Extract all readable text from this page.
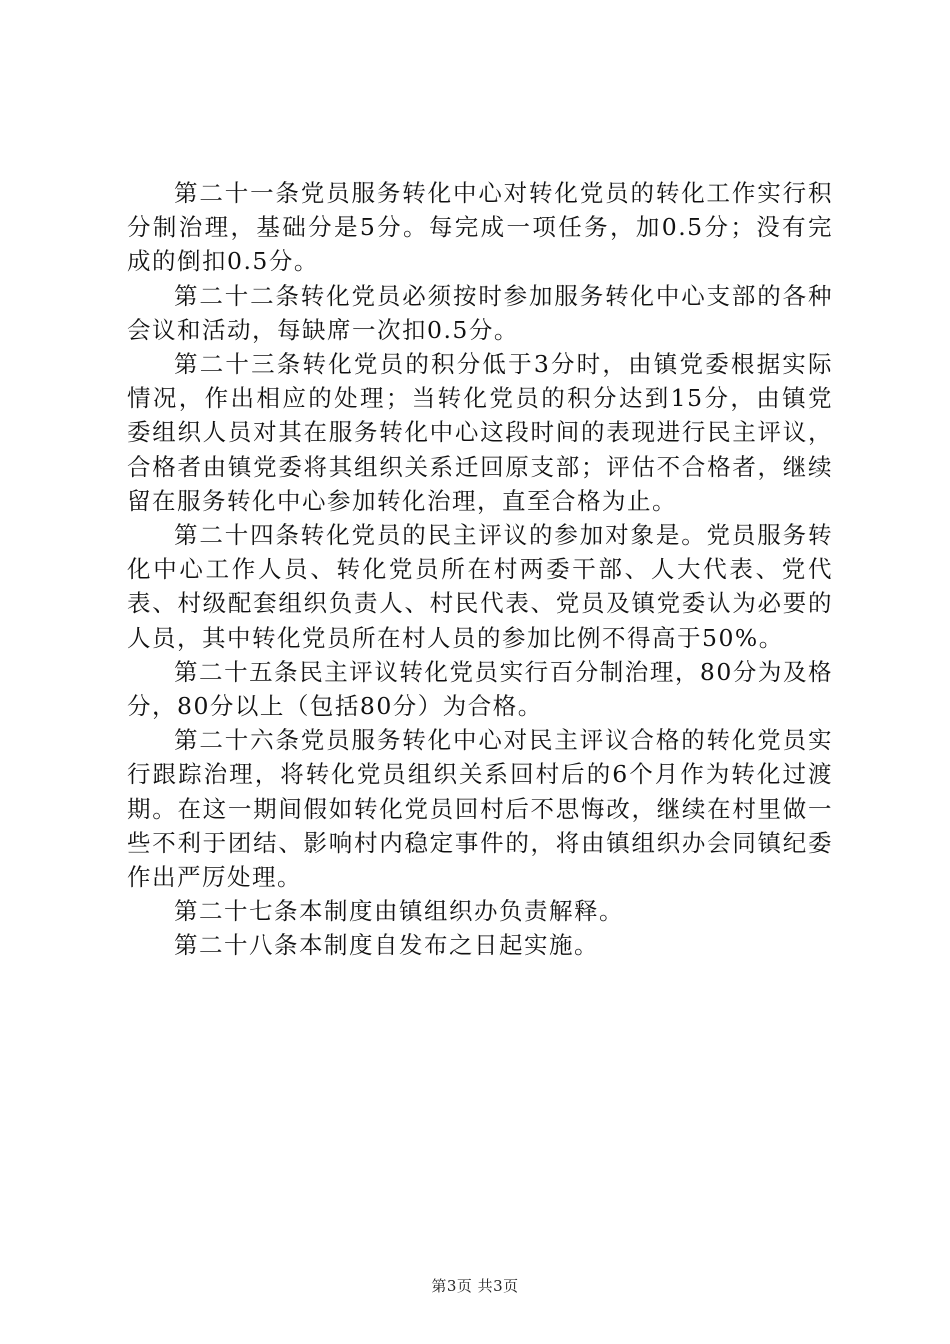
第二十一条党员服务转化中心对转化党员的转化工作实行积分制治理，基础分是5分。每完成一项任务，加0.5分；没有完成的倒扣0.5分。

第二十二条转化党员必须按时参加服务转化中心支部的各种会议和活动，每缺席一次扣0.5分。

第二十三条转化党员的积分低于3分时，由镇党委根据实际情况，作出相应的处理；当转化党员的积分达到15分，由镇党委组织人员对其在服务转化中心这段时间的表现进行民主评议，合格者由镇党委将其组织关系迁回原支部；评估不合格者，继续留在服务转化中心参加转化治理，直至合格为止。

第二十四条转化党员的民主评议的参加对象是。党员服务转化中心工作人员、转化党员所在村两委干部、人大代表、党代表、村级配套组织负责人、村民代表、党员及镇党委认为必要的人员，其中转化党员所在村人员的参加比例不得高于50%。

第二十五条民主评议转化党员实行百分制治理，80分为及格分，80分以上（包括80分）为合格。

第二十六条党员服务转化中心对民主评议合格的转化党员实行跟踪治理，将转化党员组织关系回村后的6个月作为转化过渡期。在这一期间假如转化党员回村后不思悔改，继续在村里做一些不利于团结、影响村内稳定事件的，将由镇组织办会同镇纪委作出严厉处理。

第二十七条本制度由镇组织办负责解释。

第二十八条本制度自发布之日起实施。

第3页 共3页
